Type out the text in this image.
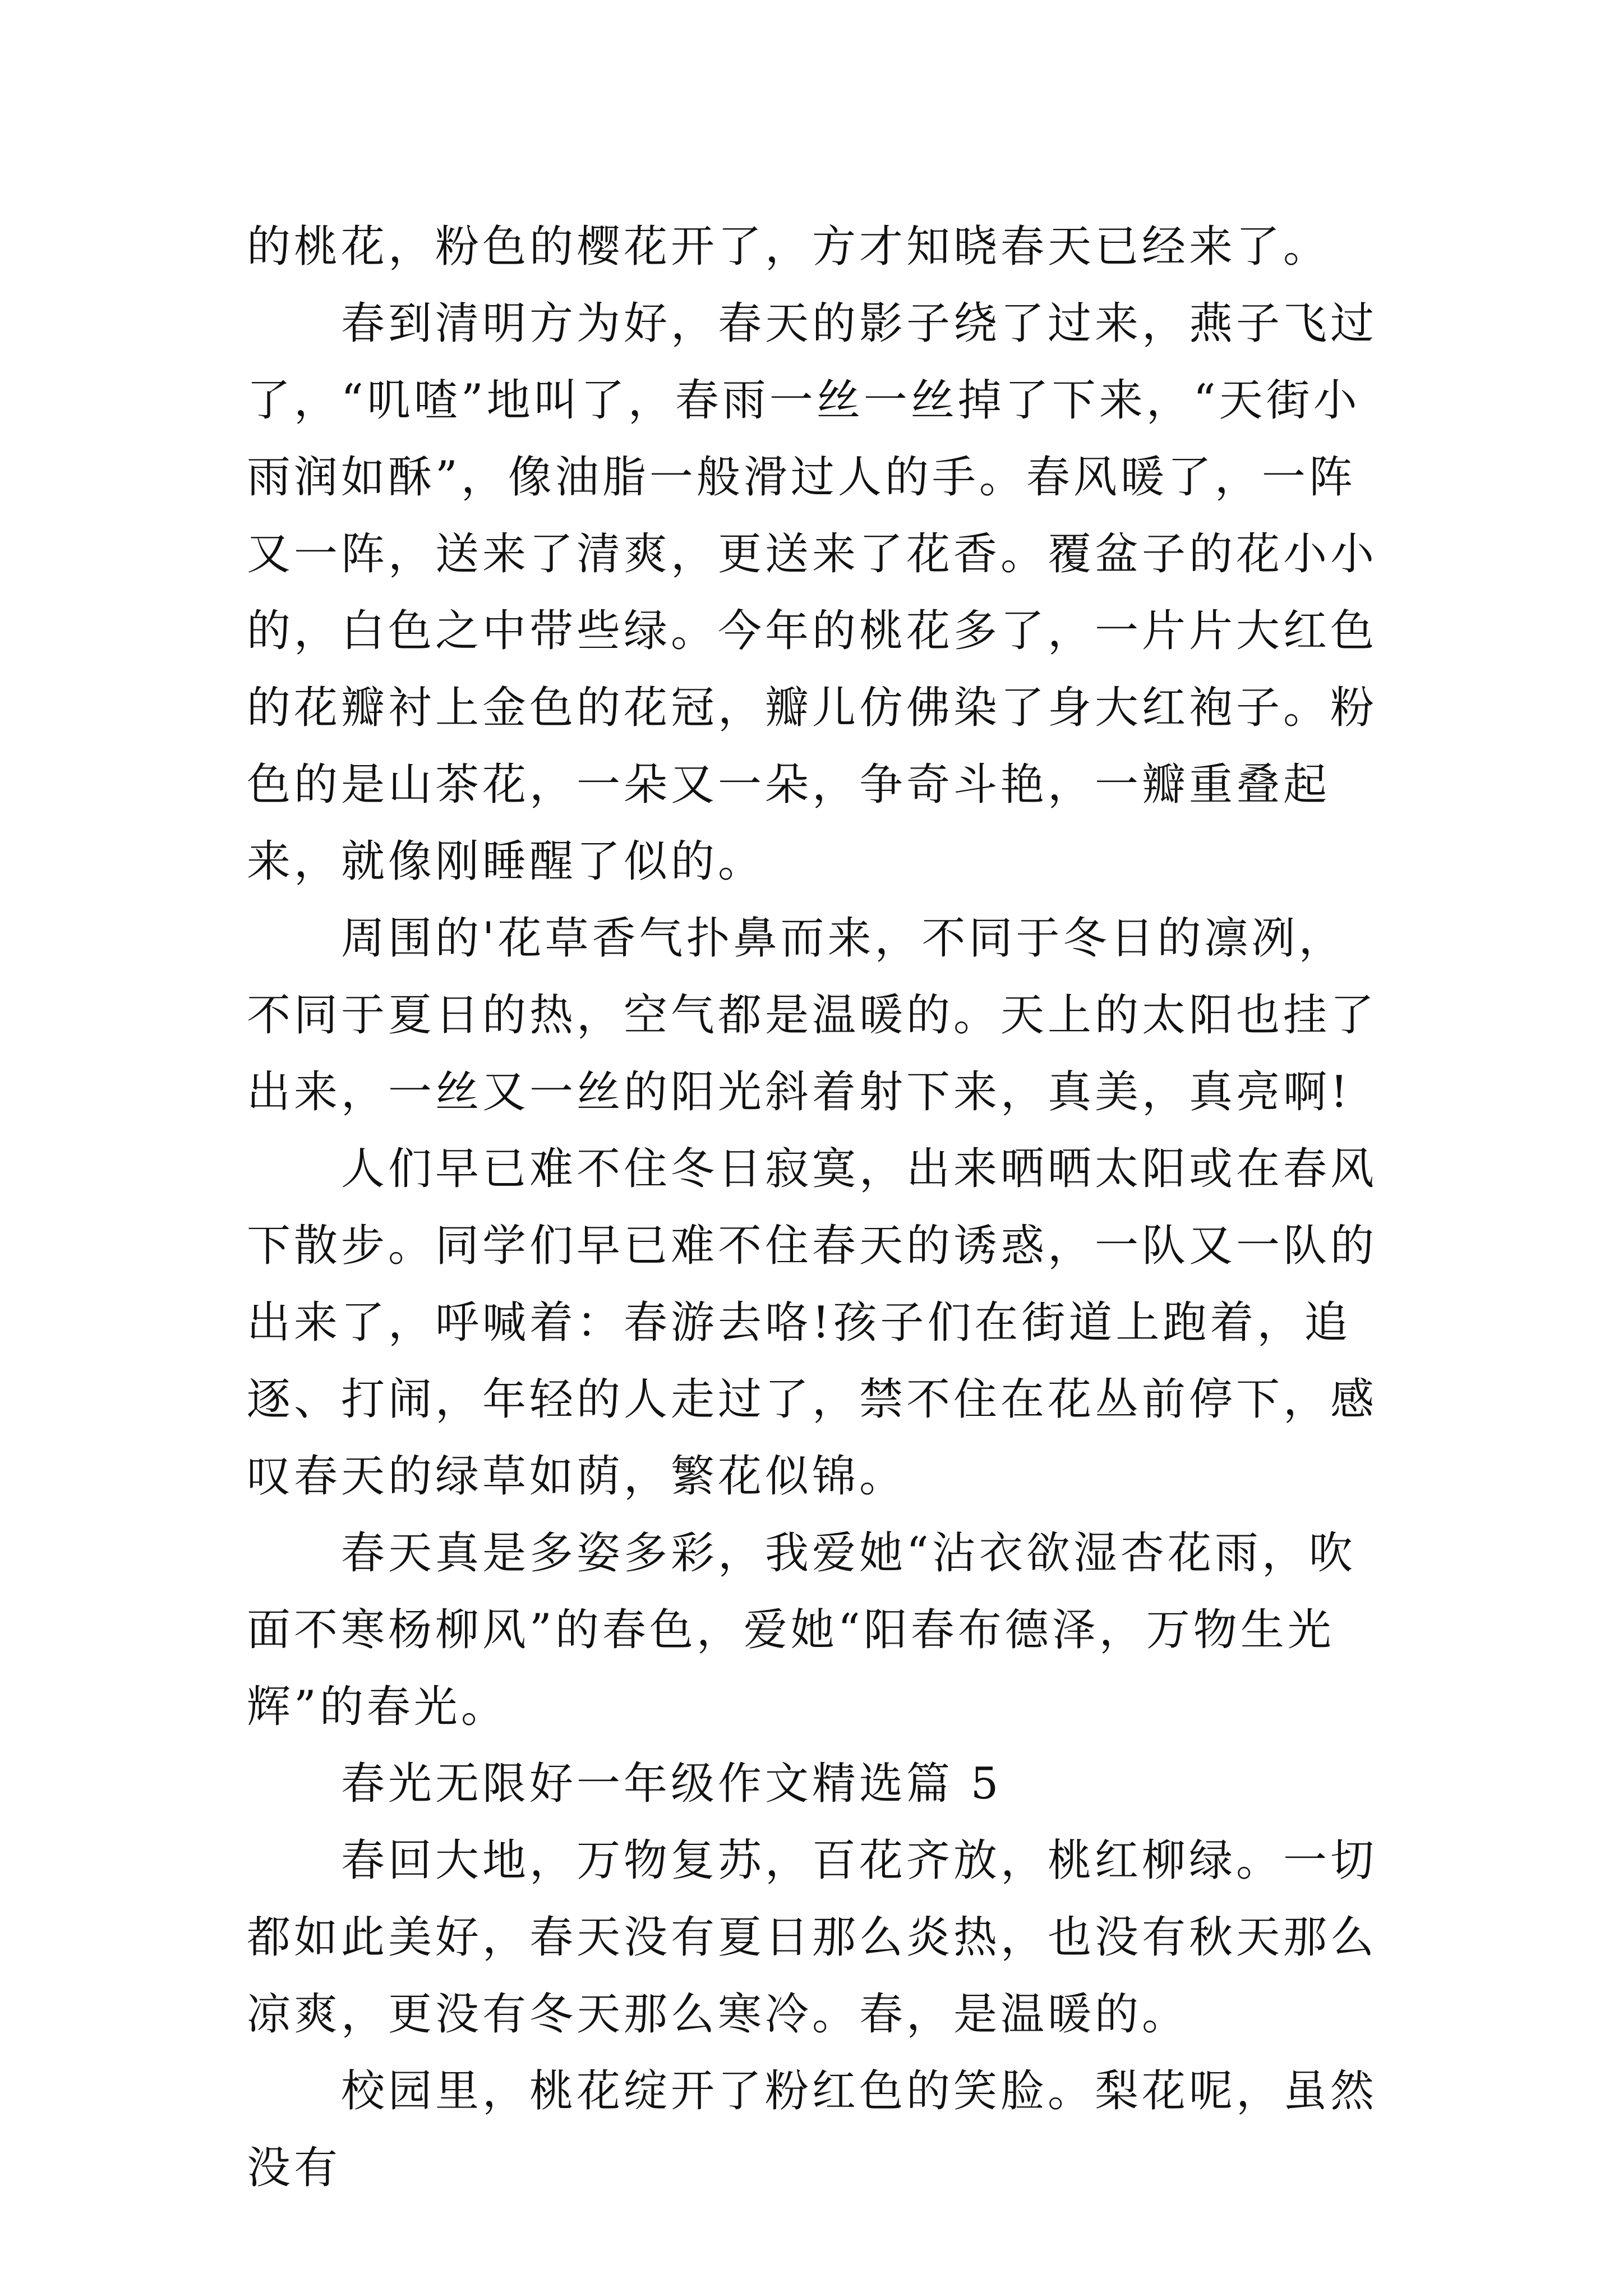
的桃花，粉色的樱花开了，方才知晓春天已经来了。

春到清明方为好，春天的影子绕了过来，燕子飞过了，“叽喳”地叫了，春雨一丝一丝掉了下来，“天街小雨润如酥”，像油脂一般滑过人的手。春风暖了，一阵又一阵，送来了清爽，更送来了花香。覆盆子的花小小的，白色之中带些绿。今年的桃花多了，一片片大红色的花瓣衬上金色的花冠，瓣儿仿佛染了身大红袍子。粉色的是山茶花，一朵又一朵，争奇斗艳，一瓣重叠起来，就像刚睡醒了似的。

周围的'花草香气扑鼻而来，不同于冬日的凛冽，不同于夏日的热，空气都是温暖的。天上的太阳也挂了出来，一丝又一丝的阳光斜着射下来，真美，真亮啊!

人们早已难不住冬日寂寞，出来晒晒太阳或在春风下散步。同学们早已难不住春天的诱惑，一队又一队的出来了，呼喊着：春游去咯!孩子们在街道上跑着，追逐、打闹，年轻的人走过了，禁不住在花丛前停下，感叹春天的绿草如荫，繁花似锦。

春天真是多姿多彩，我爱她“沾衣欲湿杏花雨，吹面不寒杨柳风”的春色，爱她“阳春布德泽，万物生光辉”的春光。

春光无限好一年级作文精选篇 5

春回大地，万物复苏，百花齐放，桃红柳绿。一切都如此美好，春天没有夏日那么炎热，也没有秋天那么凉爽，更没有冬天那么寒冷。春，是温暖的。

校园里，桃花绽开了粉红色的笑脸。梨花呢，虽然没有
